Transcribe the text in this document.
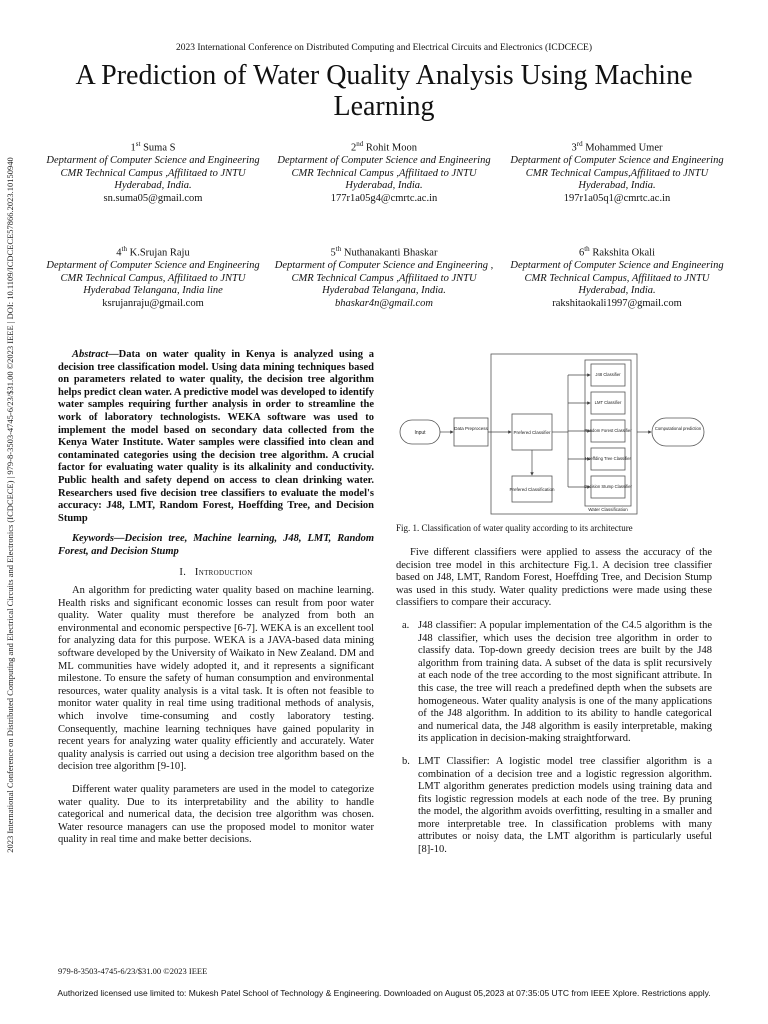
2023 International Conference on Distributed Computing and Electrical Circuits and Electronics (ICDCECE)
A Prediction of Water Quality Analysis Using Machine Learning
2023 International Conference on Distributed Computing and Electrical Circuits and Electronics (ICDCECE) | 979-8-3503-4745-6/23/$31.00 ©2023 IEEE | DOI: 10.1109/ICDCECE57866.2023.10150940
1st Suma S
Deptarment of Computer Science and Engineering
CMR Technical Campus ,Affilitaed to JNTU
Hyderabad, India.
sn.suma05@gmail.com
2nd Rohit Moon
Deptarment of Computer Science and Engineering
CMR Technical Campus ,Affilitaed to JNTU
Hyderabad, India.
177r1a05g4@cmrtc.ac.in
3rd Mohammed Umer
Deptarment of Computer Science and Engineering
CMR Technical Campus,Affilitaed to JNTU
Hyderabad, India.
197r1a05q1@cmrtc.ac.in
4th K.Srujan Raju
Deptarment of Computer Science and Engineering
CMR Technical Campus, Affilitaed to JNTU
Hyderabad Telangana, India line
ksrujanraju@gmail.com
5th Nuthanakanti Bhaskar
Deptarment of Computer Science and Engineering ,
CMR Technical Campus ,Affilitaed to JNTU
Hyderabad Telangana, India.
bhaskar4n@gmail.com
6th Rakshita Okali
Deptarment of Computer Science and Engineering
CMR Technical Campus, Affilitaed to JNTU
Hyderabad, India.
rakshitaokali1997@gmail.com

Abstract—Data on water quality in Kenya is analyzed using a decision tree classification model. Using data mining techniques based on parameters related to water quality, the decision tree algorithm helps predict clean water. A predictive model was developed to identify water samples requiring further analysis in order to streamline the work of laboratory technologists. WEKA software was used to implement the model based on secondary data collected from the Kenya Water Institute. Water samples were classified into clean and contaminated categories using the decision tree algorithm. A crucial factor for evaluating water quality is its alkalinity and conductivity. Public health and safety depend on access to clean drinking water. Researchers used five decision tree classifiers to evaluate the model's accuracy: J48, LMT, Random Forest, Hoeffding Tree, and Decision Stump

Keywords—Decision tree, Machine learning, J48, LMT, Random Forest, and Decision Stump

I. Introduction

An algorithm for predicting water quality based on machine learning. Health risks and significant economic losses can result from poor water quality. Water quality must therefore be analyzed from both an environmental and economic perspective [6-7]. WEKA is an excellent tool for analyzing data for this purpose. WEKA is a JAVA-based data mining software developed by the University of Waikato in New Zealand. DM and ML communities have widely adopted it, and it represents a significant milestone. To ensure the safety of human consumption and environmental resources, water quality analysis is a vital task. It is often not feasible to monitor water quality in real time using traditional methods of analysis, which involve time-consuming and costly laboratory testing. Consequently, machine learning techniques have gained popularity in recent years for analyzing water quality efficiently and accurately. Water quality analysis is carried out using a decision tree algorithm based on the decision tree algorithm [9-10].

Different water quality parameters are used in the model to categorize water quality. Due to its interpretability and the ability to handle categorical and numerical data, the decision tree algorithm was chosen. Water resource managers can use the proposed model to monitor water quality in real time and make better decisions.

Water Classification
Input
Data Preprocess
Prefered Classifier
Prefered Classification
J48 Classifier
LMT Classifier
Random Forest Classifier
Hoeffding Tree Classifier
Decision Stump Classifier
Computational prediction
Fig. 1. Classification of water quality according to its architecture

Five different classifiers were applied to assess the accuracy of the decision tree model in this architecture Fig.1. A decision tree classifier based on J48, LMT, Random Forest, Hoeffding Tree, and Decision Stump was used in this study. Water quality predictions were made using these classifiers to compare their accuracy.

a. J48 classifier: A popular implementation of the C4.5 algorithm is the J48 classifier, which uses the decision tree algorithm in order to classify data. Top-down greedy decision trees are built by the J48 algorithm from training data. A subset of the data is split recursively at each node of the tree according to the most significant attribute. In this case, the tree will reach a predefined depth when the subsets are homogeneous. Water quality analysis is one of the many applications of the J48 algorithm. In addition to its ability to handle categorical and numerical data, the J48 algorithm is easily interpretable, making its application in decision-making straightforward.
b. LMT Classifier: A logistic model tree classifier algorithm is a combination of a decision tree and a logistic regression algorithm. LMT algorithm generates prediction models using training data and fits logistic regression models at each node of the tree. By pruning the model, the algorithm avoids overfitting, resulting in a smaller and more interpretable tree. In classification problems with many attributes or noisy data, the LMT algorithm is particularly useful [8]-10.
979-8-3503-4745-6/23/$31.00 ©2023 IEEE
Authorized licensed use limited to: Mukesh Patel School of Technology & Engineering. Downloaded on August 05,2023 at 07:35:05 UTC from IEEE Xplore. Restrictions apply.
